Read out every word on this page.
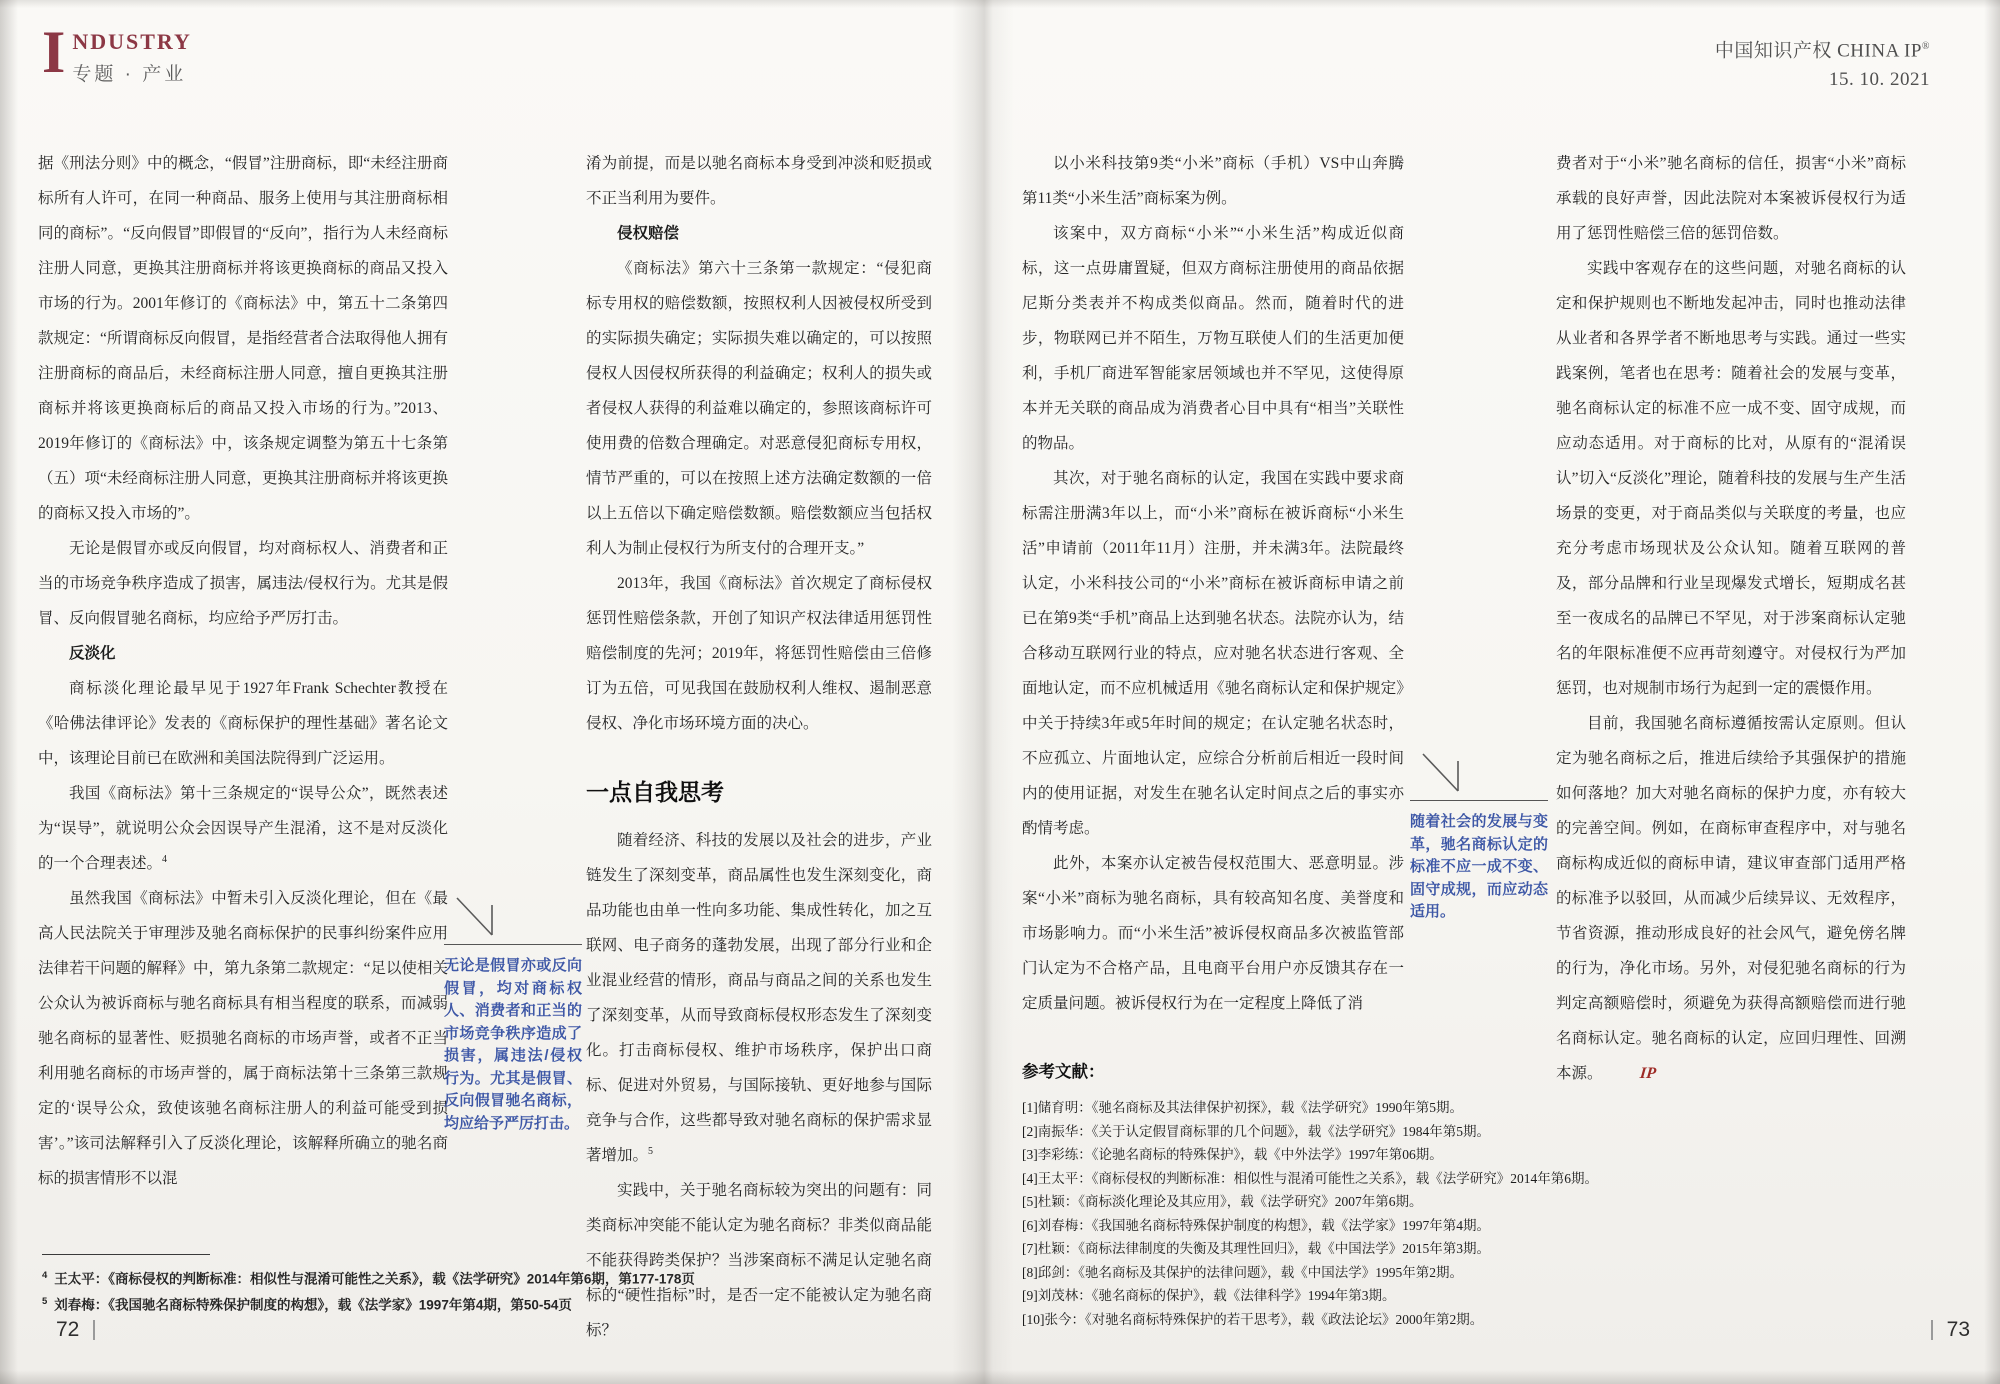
I NDUSTRY
专题 · 产业
中国知识产权 CHINA IP®
15. 10. 2021

据《刑法分则》中的概念，“假冒”注册商标，即“未经注册商标所有人许可，在同一种商品、服务上使用与其注册商标相同的商标”。“反向假冒”即假冒的“反向”，指行为人未经商标注册人同意，更换其注册商标并将该更换商标的商品又投入市场的行为。2001年修订的《商标法》中，第五十二条第四款规定：“所谓商标反向假冒，是指经营者合法取得他人拥有注册商标的商品后，未经商标注册人同意，擅自更换其注册商标并将该更换商标后的商品又投入市场的行为。”2013、2019年修订的《商标法》中，该条规定调整为第五十七条第（五）项“未经商标注册人同意，更换其注册商标并将该更换的商标又投入市场的”。

无论是假冒亦或反向假冒，均对商标权人、消费者和正当的市场竞争秩序造成了损害，属违法/侵权行为。尤其是假冒、反向假冒驰名商标，均应给予严厉打击。

反淡化

商标淡化理论最早见于1927年Frank Schechter教授在《哈佛法律评论》发表的《商标保护的理性基础》著名论文中，该理论目前已在欧洲和美国法院得到广泛运用。

我国《商标法》第十三条规定的“误导公众”，既然表述为“误导”，就说明公众会因误导产生混淆，这不是对反淡化的一个合理表述。$^4$

虽然我国《商标法》中暂未引入反淡化理论，但在《最高人民法院关于审理涉及驰名商标保护的民事纠纷案件应用法律若干问题的解释》中，第九条第二款规定：“足以使相关公众认为被诉商标与驰名商标具有相当程度的联系，而减弱驰名商标的显著性、贬损驰名商标的市场声誉，或者不正当利用驰名商标的市场声誉的，属于商标法第十三条第三款规定的‘误导公众，致使该驰名商标注册人的利益可能受到损害’。”该司法解释引入了反淡化理论，该解释所确立的驰名商标的损害情形不以混

无论是假冒亦或反向假冒，均对商标权人、消费者和正当的市场竞争秩序造成了损害，属违法/侵权行为。尤其是假冒、反向假冒驰名商标，均应给予严厉打击。

淆为前提，而是以驰名商标本身受到冲淡和贬损或不正当利用为要件。

侵权赔偿

《商标法》第六十三条第一款规定：“侵犯商标专用权的赔偿数额，按照权利人因被侵权所受到的实际损失确定；实际损失难以确定的，可以按照侵权人因侵权所获得的利益确定；权利人的损失或者侵权人获得的利益难以确定的，参照该商标许可使用费的倍数合理确定。对恶意侵犯商标专用权，情节严重的，可以在按照上述方法确定数额的一倍以上五倍以下确定赔偿数额。赔偿数额应当包括权利人为制止侵权行为所支付的合理开支。”

2013年，我国《商标法》首次规定了商标侵权惩罚性赔偿条款，开创了知识产权法律适用惩罚性赔偿制度的先河；2019年，将惩罚性赔偿由三倍修订为五倍，可见我国在鼓励权利人维权、遏制恶意侵权、净化市场环境方面的决心。

一点自我思考

随着经济、科技的发展以及社会的进步，产业链发生了深刻变革，商品属性也发生深刻变化，商品功能也由单一性向多功能、集成性转化，加之互联网、电子商务的蓬勃发展，出现了部分行业和企业混业经营的情形，商品与商品之间的关系也发生了深刻变革，从而导致商标侵权形态发生了深刻变化。打击商标侵权、维护市场秩序，保护出口商标、促进对外贸易，与国际接轨、更好地参与国际竞争与合作，这些都导致对驰名商标的保护需求显著增加。$^5$

实践中，关于驰名商标较为突出的问题有：同类商标冲突能不能认定为驰名商标？非类似商品能不能获得跨类保护？当涉案商标不满足认定驰名商标的“硬性指标”时，是否一定不能被认定为驰名商标？

$^4$ 王太平：《商标侵权的判断标准：相似性与混淆可能性之关系》，载《法学研究》2014年第6期，第177-178页
$^5$ 刘春梅：《我国驰名商标特殊保护制度的构想》，载《法学家》1997年第4期，第50-54页
72

以小米科技第9类“小米”商标（手机）VS中山奔腾第11类“小米生活”商标案为例。

该案中，双方商标“小米”“小米生活”构成近似商标，这一点毋庸置疑，但双方商标注册使用的商品依据尼斯分类表并不构成类似商品。然而，随着时代的进步，物联网已并不陌生，万物互联使人们的生活更加便利，手机厂商进军智能家居领域也并不罕见，这使得原本并无关联的商品成为消费者心目中具有“相当”关联性的物品。

其次，对于驰名商标的认定，我国在实践中要求商标需注册满3年以上，而“小米”商标在被诉商标“小米生活”申请前（2011年11月）注册，并未满3年。法院最终认定，小米科技公司的“小米”商标在被诉商标申请之前已在第9类“手机”商品上达到驰名状态。法院亦认为，结合移动互联网行业的特点，应对驰名状态进行客观、全面地认定，而不应机械适用《驰名商标认定和保护规定》中关于持续3年或5年时间的规定；在认定驰名状态时，不应孤立、片面地认定，应综合分析前后相近一段时间内的使用证据，对发生在驰名认定时间点之后的事实亦酌情考虑。

此外，本案亦认定被告侵权范围大、恶意明显。涉案“小米”商标为驰名商标，具有较高知名度、美誉度和市场影响力。而“小米生活”被诉侵权商品多次被监管部门认定为不合格产品，且电商平台用户亦反馈其存在一定质量问题。被诉侵权行为在一定程度上降低了消

随着社会的发展与变革，驰名商标认定的标准不应一成不变、固守成规，而应动态适用。

费者对于“小米”驰名商标的信任，损害“小米”商标承载的良好声誉，因此法院对本案被诉侵权行为适用了惩罚性赔偿三倍的惩罚倍数。

实践中客观存在的这些问题，对驰名商标的认定和保护规则也不断地发起冲击，同时也推动法律从业者和各界学者不断地思考与实践。通过一些实践案例，笔者也在思考：随着社会的发展与变革，驰名商标认定的标准不应一成不变、固守成规，而应动态适用。对于商标的比对，从原有的“混淆误认”切入“反淡化”理论，随着科技的发展与生产生活场景的变更，对于商品类似与关联度的考量，也应充分考虑市场现状及公众认知。随着互联网的普及，部分品牌和行业呈现爆发式增长，短期成名甚至一夜成名的品牌已不罕见，对于涉案商标认定驰名的年限标准便不应再苛刻遵守。对侵权行为严加惩罚，也对规制市场行为起到一定的震慑作用。

目前，我国驰名商标遵循按需认定原则。但认定为驰名商标之后，推进后续给予其强保护的措施如何落地？加大对驰名商标的保护力度，亦有较大的完善空间。例如，在商标审查程序中，对与驰名商标构成近似的商标申请，建议审查部门适用严格的标准予以驳回，从而减少后续异议、无效程序，节省资源，推动形成良好的社会风气，避免傍名牌的行为，净化市场。另外，对侵犯驰名商标的行为判定高额赔偿时，须避免为获得高额赔偿而进行驰名商标认定。驰名商标的认定，应回归理性、回溯本源。 IP

参考文献：
[1]储育明：《驰名商标及其法律保护初探》，载《法学研究》1990年第5期。
[2]南振华：《关于认定假冒商标罪的几个问题》，载《法学研究》1984年第5期。
[3]李彩练：《论驰名商标的特殊保护》，载《中外法学》1997年第06期。
[4]王太平：《商标侵权的判断标准：相似性与混淆可能性之关系》，载《法学研究》2014年第6期。
[5]杜颖：《商标淡化理论及其应用》，载《法学研究》2007年第6期。
[6]刘春梅：《我国驰名商标特殊保护制度的构想》，载《法学家》1997年第4期。
[7]杜颖：《商标法律制度的失衡及其理性回归》，载《中国法学》2015年第3期。
[8]邱剑：《驰名商标及其保护的法律问题》，载《中国法学》1995年第2期。
[9]刘茂林：《驰名商标的保护》，载《法律科学》1994年第3期。
[10]张今：《对驰名商标特殊保护的若干思考》，载《政法论坛》2000年第2期。	73
